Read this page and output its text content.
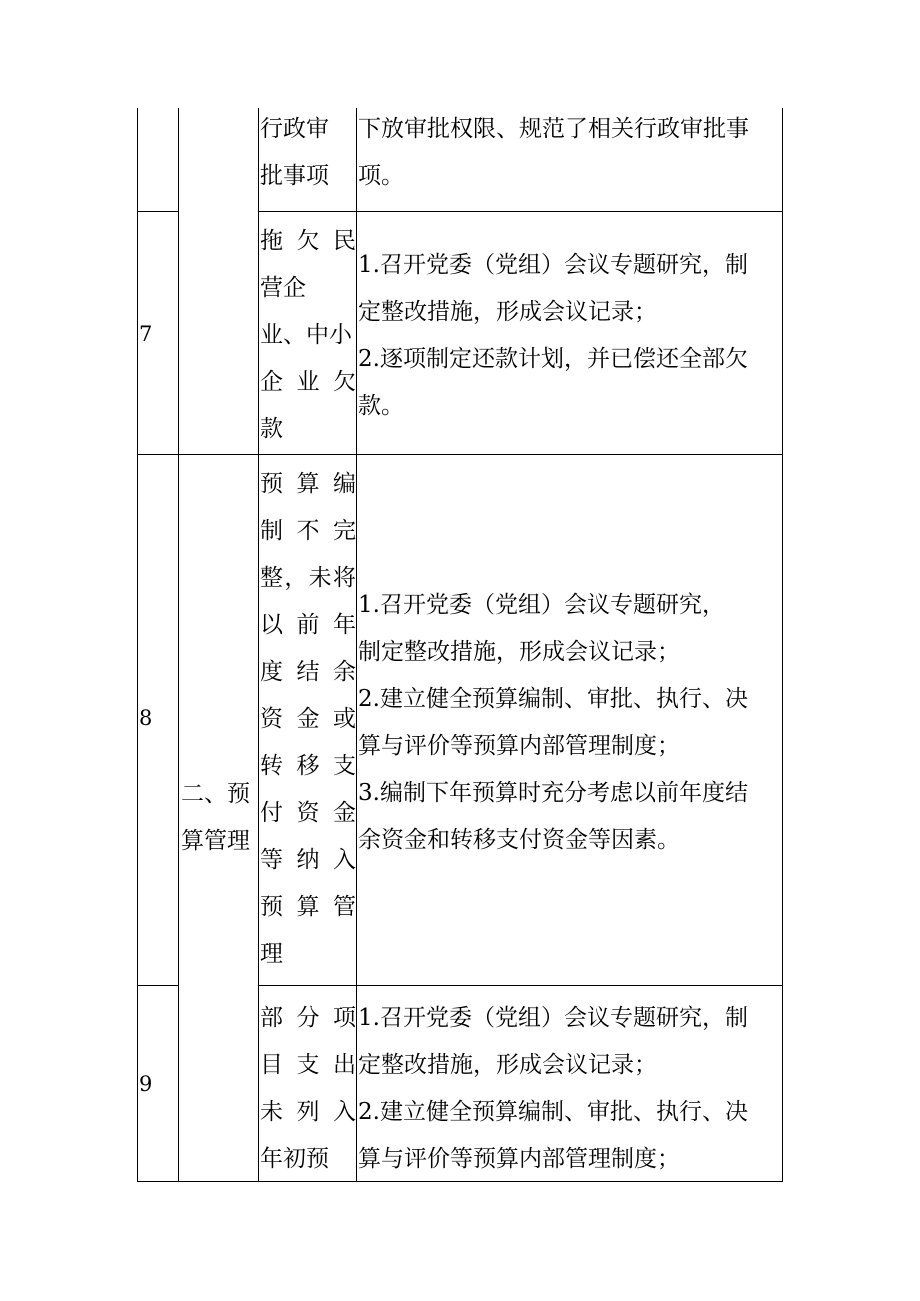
行政审
批事项
下放审批权限、规范了相关行政审批事
项。
7
拖 欠 民
营企
业、中小
企 业 欠
款
1.召开党委（党组）会议专题研究，制
定整改措施，形成会议记录；
2.逐项制定还款计划，并已偿还全部欠
款。
8
预 算 编
制 不 完
整，未将
以 前 年
度 结 余
资 金 或
转 移 支
付 资 金
等 纳 入
预 算 管
理
1.召开党委（党组）会议专题研究，
制定整改措施，形成会议记录；
2.建立健全预算编制、审批、执行、决
算与评价等预算内部管理制度；
3.编制下年预算时充分考虑以前年度结
余资金和转移支付资金等因素。
二、预
算管理
9
部 分 项
目 支 出
未 列 入
年初预
1.召开党委（党组）会议专题研究，制
定整改措施，形成会议记录；
2.建立健全预算编制、审批、执行、决
算与评价等预算内部管理制度；
